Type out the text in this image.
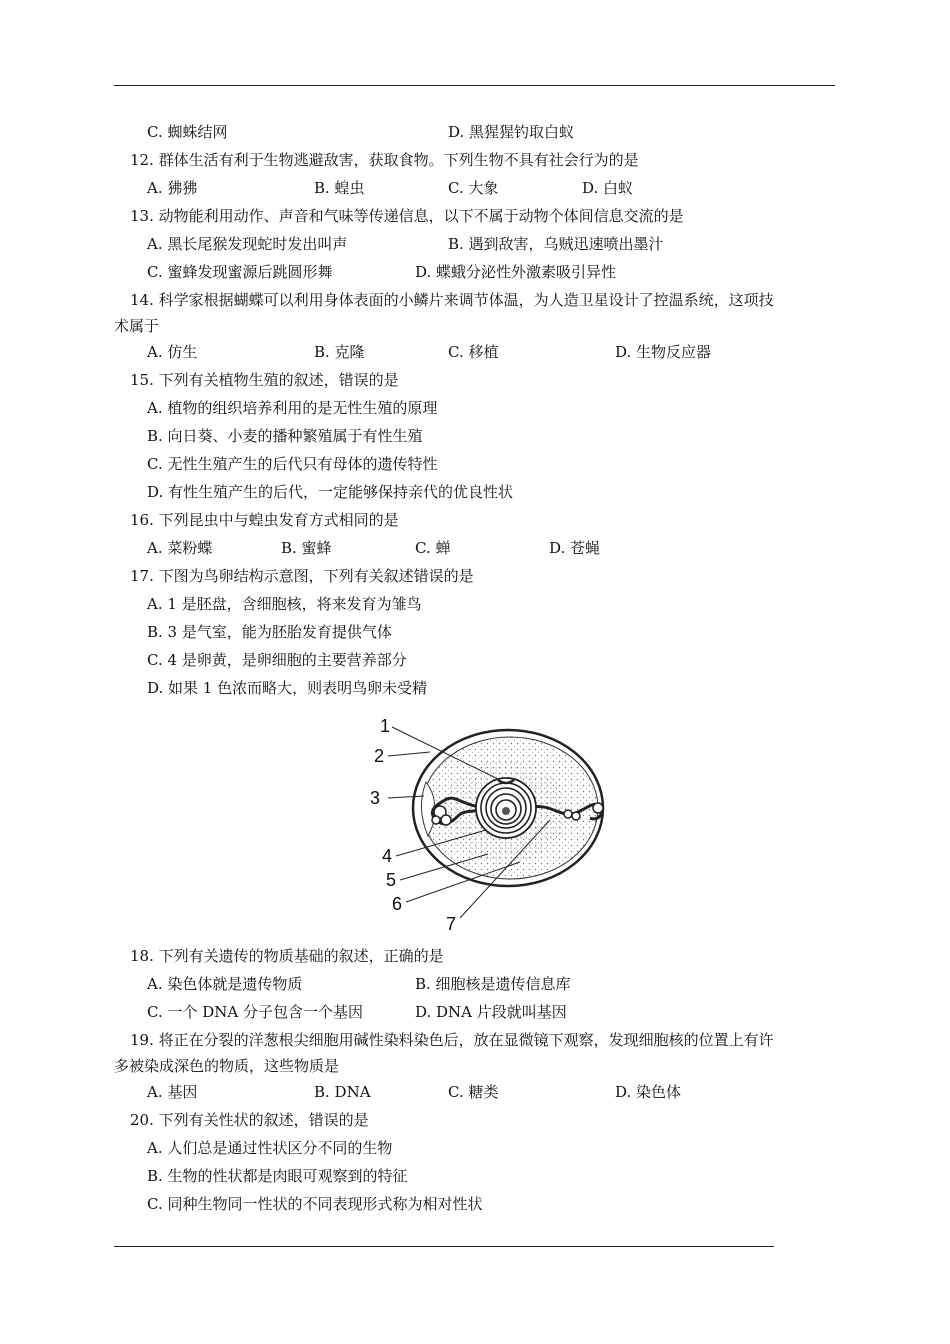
C. 蜘蛛结网	D. 黑猩猩钓取白蚁
12. 群体生活有利于生物逃避敌害，获取食物。下列生物不具有社会行为的是
A. 狒狒	B. 蝗虫	C. 大象	D. 白蚁
13. 动物能利用动作、声音和气味等传递信息，以下不属于动物个体间信息交流的是
A. 黑长尾猴发现蛇时发出叫声	B. 遇到敌害，乌贼迅速喷出墨汁
C. 蜜蜂发现蜜源后跳圆形舞	D. 蝶蛾分泌性外激素吸引异性
14. 科学家根据蝴蝶可以利用身体表面的小鳞片来调节体温，为人造卫星设计了控温系统，这项技
术属于
A. 仿生	B. 克隆	C. 移植	D. 生物反应器
15. 下列有关植物生殖的叙述，错误的是
A. 植物的组织培养利用的是无性生殖的原理
B. 向日葵、小麦的播种繁殖属于有性生殖
C. 无性生殖产生的后代只有母体的遗传特性
D. 有性生殖产生的后代，一定能够保持亲代的优良性状
16. 下列昆虫中与蝗虫发育方式相同的是
A. 菜粉蝶	B. 蜜蜂	C. 蝉	D. 苍蝇
17. 下图为鸟卵结构示意图，下列有关叙述错误的是
A. 1 是胚盘，含细胞核，将来发育为雏鸟
B. 3 是气室，能为胚胎发育提供气体
C. 4 是卵黄，是卵细胞的主要营养部分
D. 如果 1 色浓而略大，则表明鸟卵未受精
1
2
3
4
5
6
7
18. 下列有关遗传的物质基础的叙述，正确的是
A. 染色体就是遗传物质	B. 细胞核是遗传信息库
C. 一个 DNA 分子包含一个基因	D. DNA 片段就叫基因
19. 将正在分裂的洋葱根尖细胞用碱性染料染色后，放在显微镜下观察，发现细胞核的位置上有许
多被染成深色的物质，这些物质是
A. 基因	B. DNA	C. 糖类	D. 染色体
20. 下列有关性状的叙述，错误的是
A. 人们总是通过性状区分不同的生物
B. 生物的性状都是肉眼可观察到的特征
C. 同种生物同一性状的不同表现形式称为相对性状
